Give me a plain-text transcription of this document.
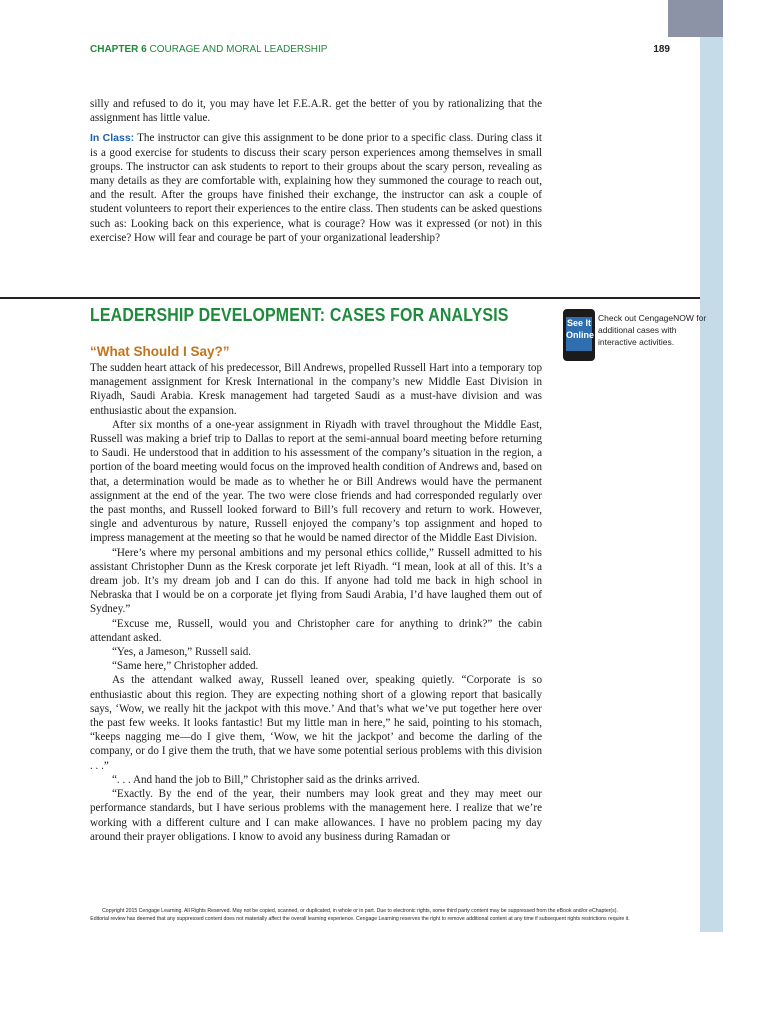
CHAPTER 6 COURAGE AND MORAL LEADERSHIP	189

silly and refused to do it, you may have let F.E.A.R. get the better of you by rationalizing that the assignment has little value.

In Class: The instructor can give this assignment to be done prior to a specific class. During class it is a good exercise for students to discuss their scary person experiences among themselves in small groups. The instructor can ask students to report to their groups about the scary person, revealing as many details as they are comfortable with, explaining how they summoned the courage to reach out, and the result. After the groups have finished their exchange, the instructor can ask a couple of student volunteers to report their experiences to the entire class. Then students can be asked questions such as: Looking back on this experience, what is courage? How was it expressed (or not) in this exercise? How will fear and courage be part of your organizational leadership?

LEADERSHIP DEVELOPMENT: CASES FOR ANALYSIS	See It
Online
Check out CengageNOW for additional cases with interactive activities.
“What Should I Say?”

The sudden heart attack of his predecessor, Bill Andrews, propelled Russell Hart into a temporary top management assignment for Kresk International in the company’s new Middle East Division in Riyadh, Saudi Arabia. Kresk management had targeted Saudi as a must-have division and was enthusiastic about the expansion.

After six months of a one-year assignment in Riyadh with travel throughout the Middle East, Russell was making a brief trip to Dallas to report at the semi-annual board meeting before returning to Saudi. He understood that in addition to his assessment of the company’s situation in the region, a portion of the board meeting would focus on the improved health condition of Andrews and, based on that, a determination would be made as to whether he or Bill Andrews would have the permanent assignment at the end of the year. The two were close friends and had corresponded regularly over the past months, and Russell looked forward to Bill’s full recovery and return to work. However, single and adventurous by nature, Russell enjoyed the company’s top assignment and hoped to impress management at the meeting so that he would be named director of the Middle East Division.

“Here’s where my personal ambitions and my personal ethics collide,” Russell admitted to his assistant Christopher Dunn as the Kresk corporate jet left Riyadh. “I mean, look at all of this. It’s a dream job. It’s my dream job and I can do this. If anyone had told me back in high school in Nebraska that I would be on a corporate jet flying from Saudi Arabia, I’d have laughed them out of Sydney.”

“Excuse me, Russell, would you and Christopher care for anything to drink?” the cabin attendant asked.

“Yes, a Jameson,” Russell said.

“Same here,” Christopher added.

As the attendant walked away, Russell leaned over, speaking quietly. “Corporate is so enthusiastic about this region. They are expecting nothing short of a glowing report that basically says, ‘Wow, we really hit the jackpot with this move.’ And that’s what we’ve put together here over the past few weeks. It looks fantastic! But my little man in here,” he said, pointing to his stomach, “keeps nagging me—do I give them, ‘Wow, we hit the jackpot’ and become the darling of the company, or do I give them the truth, that we have some potential serious problems with this division . . .”

“. . . And hand the job to Bill,” Christopher said as the drinks arrived.

“Exactly. By the end of the year, their numbers may look great and they may meet our performance standards, but I have serious problems with the management here. I realize that we’re working with a different culture and I can make allowances. I have no problem pacing my day around their prayer obligations. I know to avoid any business during Ramadan or

Copyright 2015 Cengage Learning. All Rights Reserved. May not be copied, scanned, or duplicated, in whole or in part. Due to electronic rights, some third party content may be suppressed from the eBook and/or eChapter(s).
Editorial review has deemed that any suppressed content does not materially affect the overall learning experience. Cengage Learning reserves the right to remove additional content at any time if subsequent rights restrictions require it.
